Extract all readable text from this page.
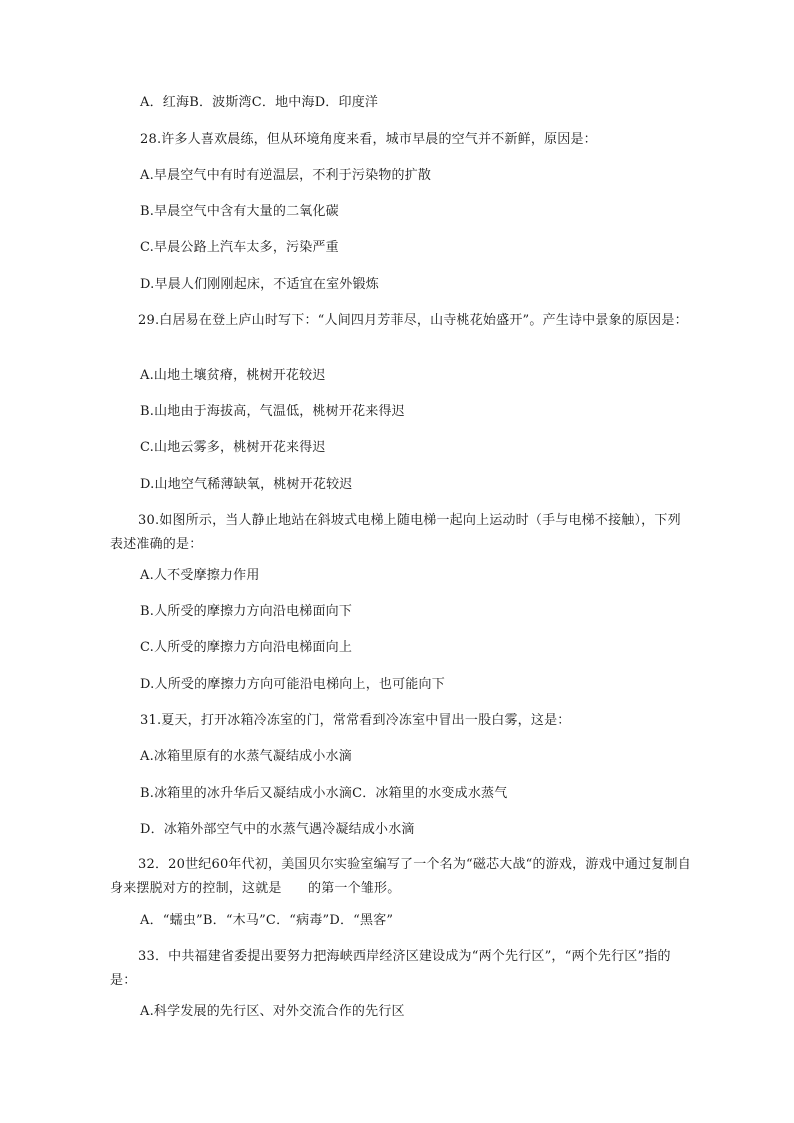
A．红海B．波斯湾C．地中海D．印度洋
28.许多人喜欢晨练，但从环境角度来看，城市早晨的空气并不新鲜，原因是：
A.早晨空气中有时有逆温层，不利于污染物的扩散
B.早晨空气中含有大量的二氧化碳
C.早晨公路上汽车太多，污染严重
D.早晨人们刚刚起床，不适宜在室外锻炼
29.白居易在登上庐山时写下：“人间四月芳菲尽，山寺桃花始盛开”。产生诗中景象的原因是：
A.山地土壤贫瘠，桃树开花较迟
B.山地由于海拔高，气温低，桃树开花来得迟
C.山地云雾多，桃树开花来得迟
D.山地空气稀薄缺氧，桃树开花较迟
30.如图所示，当人静止地站在斜坡式电梯上随电梯一起向上运动时（手与电梯不接触），下列表述准确的是：
A.人不受摩擦力作用
B.人所受的摩擦力方向沿电梯面向下
C.人所受的摩擦力方向沿电梯面向上
D.人所受的摩擦力方向可能沿电梯向上，也可能向下
31.夏天，打开冰箱冷冻室的门，常常看到冷冻室中冒出一股白雾，这是：
A.冰箱里原有的水蒸气凝结成小水滴
B.冰箱里的冰升华后又凝结成小水滴C．冰箱里的水变成水蒸气
D．冰箱外部空气中的水蒸气遇冷凝结成小水滴
32．20世纪60年代初，美国贝尔实验室编写了一个名为“磁芯大战“的游戏，游戏中通过复制自身来摆脱对方的控制，这就是　　的第一个雏形。
A．“蠕虫”B．“木马”C．“病毒”D．“黑客”
33．中共福建省委提出要努力把海峡西岸经济区建设成为“两个先行区”，“两个先行区”指的是：
A.科学发展的先行区、对外交流合作的先行区
